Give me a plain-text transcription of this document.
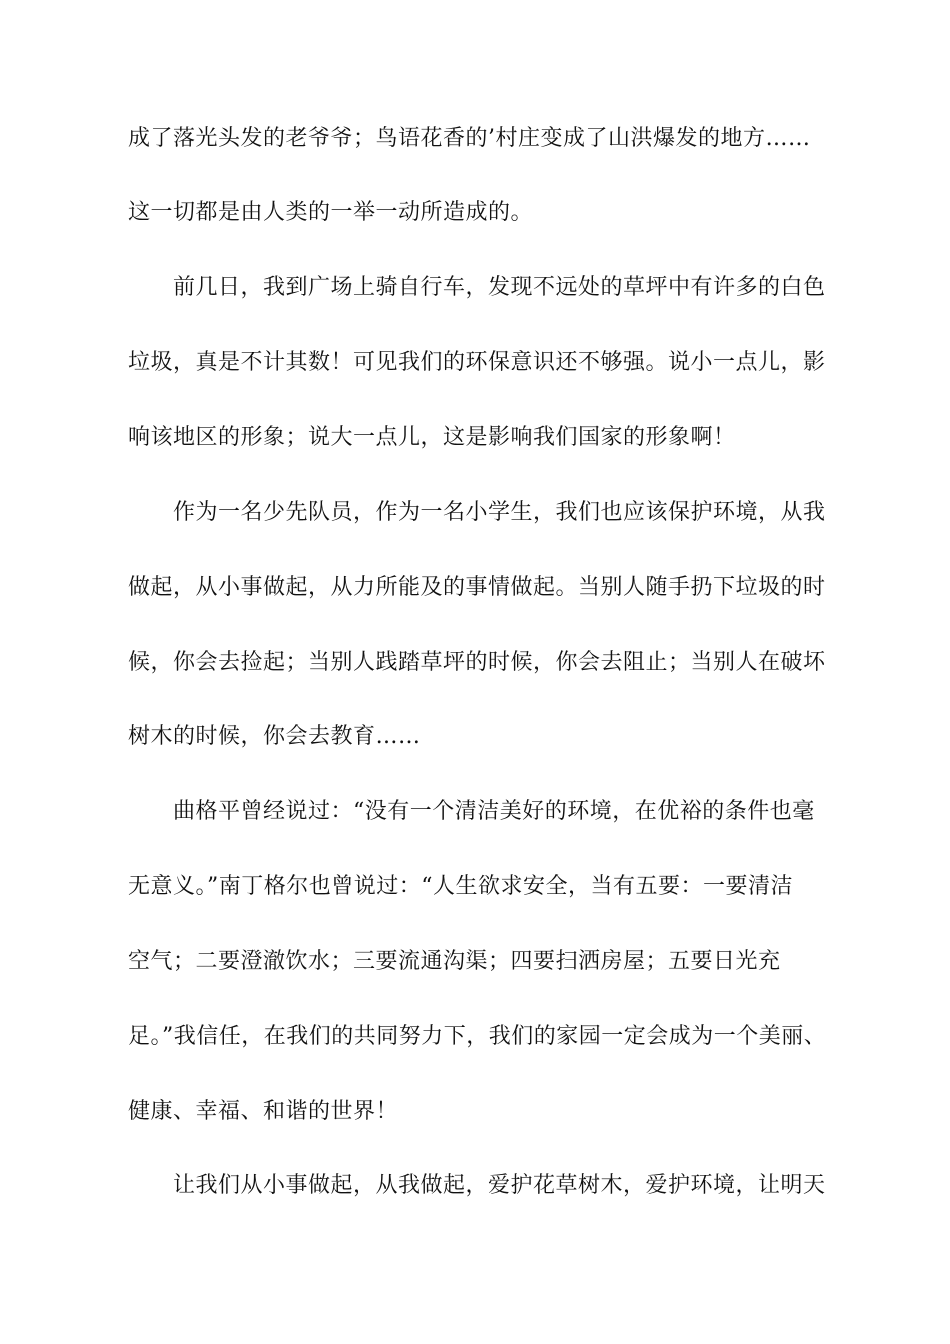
成了落光头发的老爷爷；鸟语花香的’村庄变成了山洪爆发的地方……
这一切都是由人类的一举一动所造成的。
前几日，我到广场上骑自行车，发现不远处的草坪中有许多的白色
垃圾，真是不计其数！可见我们的环保意识还不够强。说小一点儿，影
响该地区的形象；说大一点儿，这是影响我们国家的形象啊！
作为一名少先队员，作为一名小学生，我们也应该保护环境，从我
做起，从小事做起，从力所能及的事情做起。当别人随手扔下垃圾的时
候，你会去捡起；当别人践踏草坪的时候，你会去阻止；当别人在破坏
树木的时候，你会去教育……
曲格平曾经说过：“没有一个清洁美好的环境，在优裕的条件也毫
无意义。”南丁格尔也曾说过：“人生欲求安全，当有五要：一要清洁
空气；二要澄澈饮水；三要流通沟渠；四要扫洒房屋；五要日光充
足。”我信任，在我们的共同努力下，我们的家园一定会成为一个美丽、
健康、幸福、和谐的世界！
让我们从小事做起，从我做起，爱护花草树木，爱护环境，让明天
